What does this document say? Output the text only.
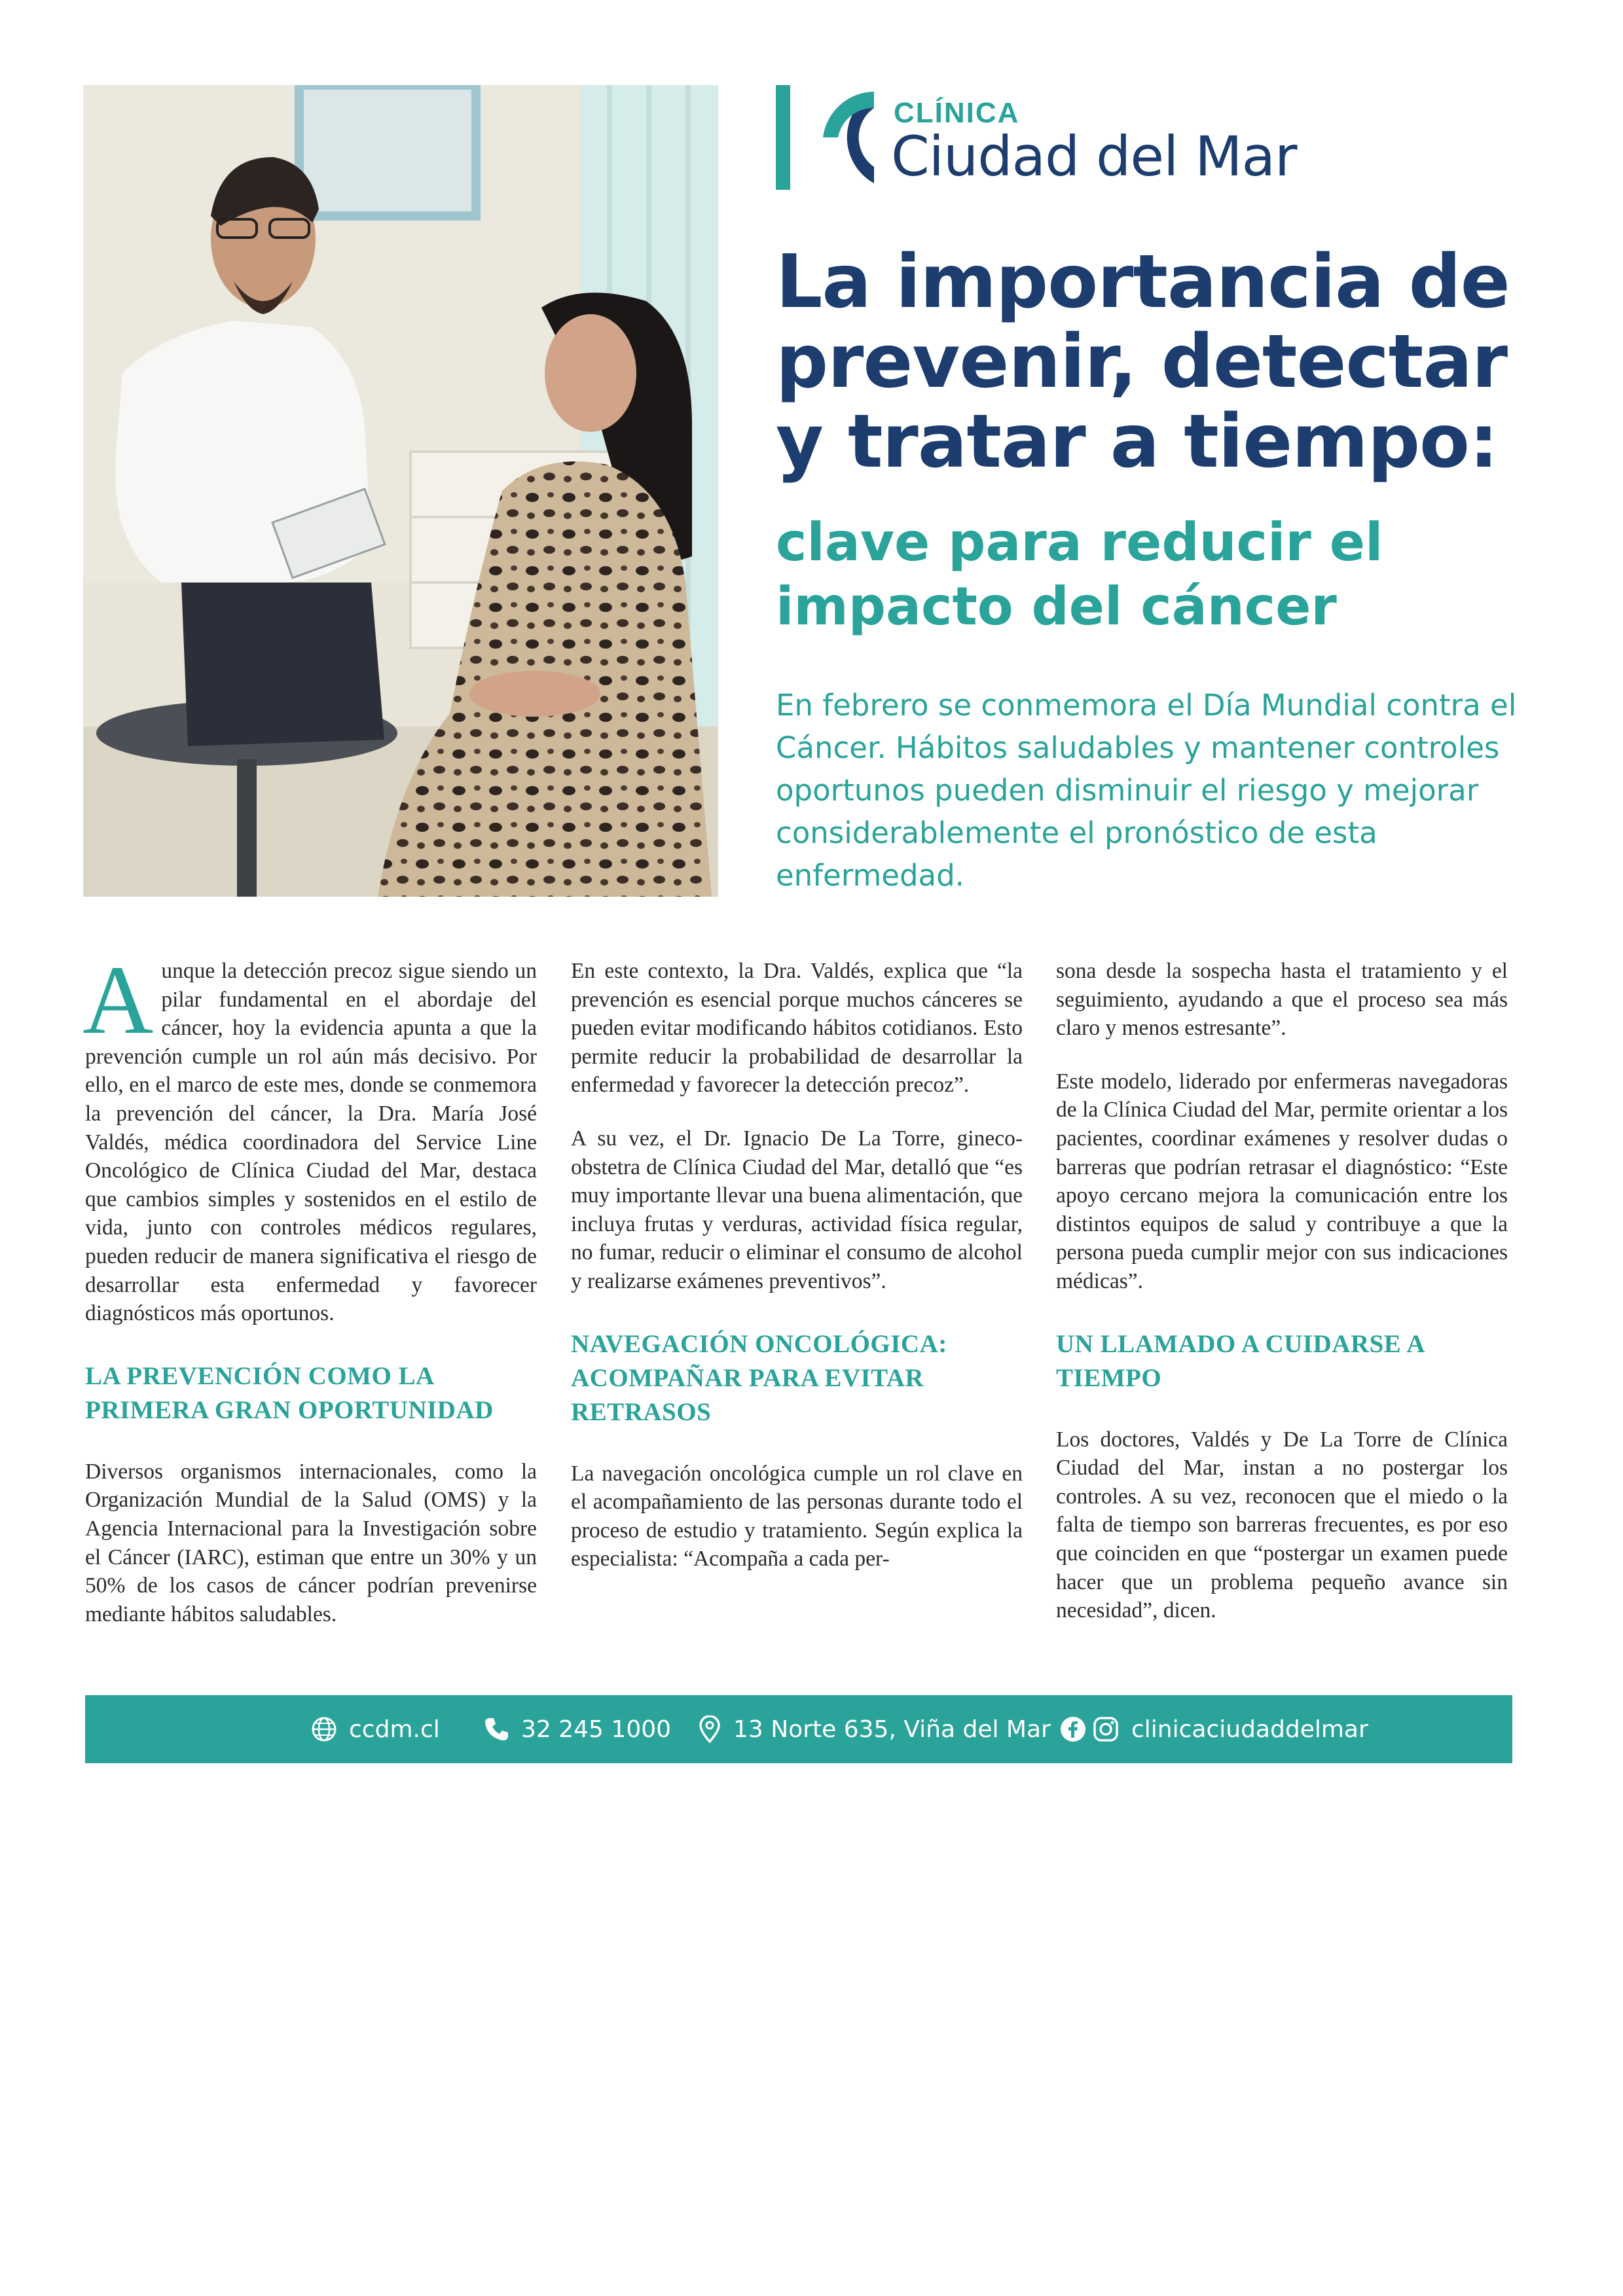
CLÍNICA
Ciudad del Mar
La importancia de prevenir, detectar y tratar a tiempo:
clave para reducir el impacto del cáncer

En febrero se conmemora el Día Mundial contra el Cáncer. Hábitos saludables y mantener controles oportunos pueden disminuir el riesgo y mejorar considerablemente el pronóstico de esta enfermedad.

Aunque la detección precoz sigue siendo un pilar fundamental en el abordaje del cáncer, hoy la evidencia apunta a que la prevención cumple un rol aún más decisivo. Por ello, en el marco de este mes, donde se conmemora la prevención del cáncer, la Dra. María José Valdés, médica coordinadora del Service Line Oncológico de Clínica Ciudad del Mar, destaca que cambios simples y sostenidos en el estilo de vida, junto con controles médicos regulares, pueden reducir de manera significativa el riesgo de desarrollar esta enfermedad y favorecer diagnósticos más oportunos.

LA PREVENCIÓN COMO LA PRIMERA GRAN OPORTUNIDAD

Diversos organismos internacionales, como la Organización Mundial de la Salud (OMS) y la Agencia Internacional para la Investigación sobre el Cáncer (IARC), estiman que entre un 30% y un 50% de los casos de cáncer podrían prevenirse mediante hábitos saludables.

En este contexto, la Dra. Valdés, explica que “la prevención es esencial porque muchos cánceres se pueden evitar modificando hábitos cotidianos. Esto permite reducir la probabilidad de desarrollar la enfermedad y favorecer la detección precoz”.

A su vez, el Dr. Ignacio De La Torre, gineco-obstetra de Clínica Ciudad del Mar, detalló que “es muy importante llevar una buena alimentación, que incluya frutas y verduras, actividad física regular, no fumar, reducir o eliminar el consumo de alcohol y realizarse exámenes preventivos”.

NAVEGACIÓN ONCOLÓGICA: ACOMPAÑAR PARA EVITAR RETRASOS

La navegación oncológica cumple un rol clave en el acompañamiento de las personas durante todo el proceso de estudio y tratamiento. Según explica la especialista: “Acompaña a cada per-

sona desde la sospecha hasta el tratamiento y el seguimiento, ayudando a que el proceso sea más claro y menos estresante”.

Este modelo, liderado por enfermeras navegadoras de la Clínica Ciudad del Mar, permite orientar a los pacientes, coordinar exámenes y resolver dudas o barreras que podrían retrasar el diagnóstico: “Este apoyo cercano mejora la comunicación entre los distintos equipos de salud y contribuye a que la persona pueda cumplir mejor con sus indicaciones médicas”.

UN LLAMADO A CUIDARSE A TIEMPO

Los doctores, Valdés y De La Torre de Clínica Ciudad del Mar, instan a no postergar los controles. A su vez, reconocen que el miedo o la falta de tiempo son barreras frecuentes, es por eso que coinciden en que “postergar un examen puede hacer que un problema pequeño avance sin necesidad”, dicen.

ccdm.cl	32 245 1000	13 Norte 635, Viña del Mar	clinicaciudaddelmar
